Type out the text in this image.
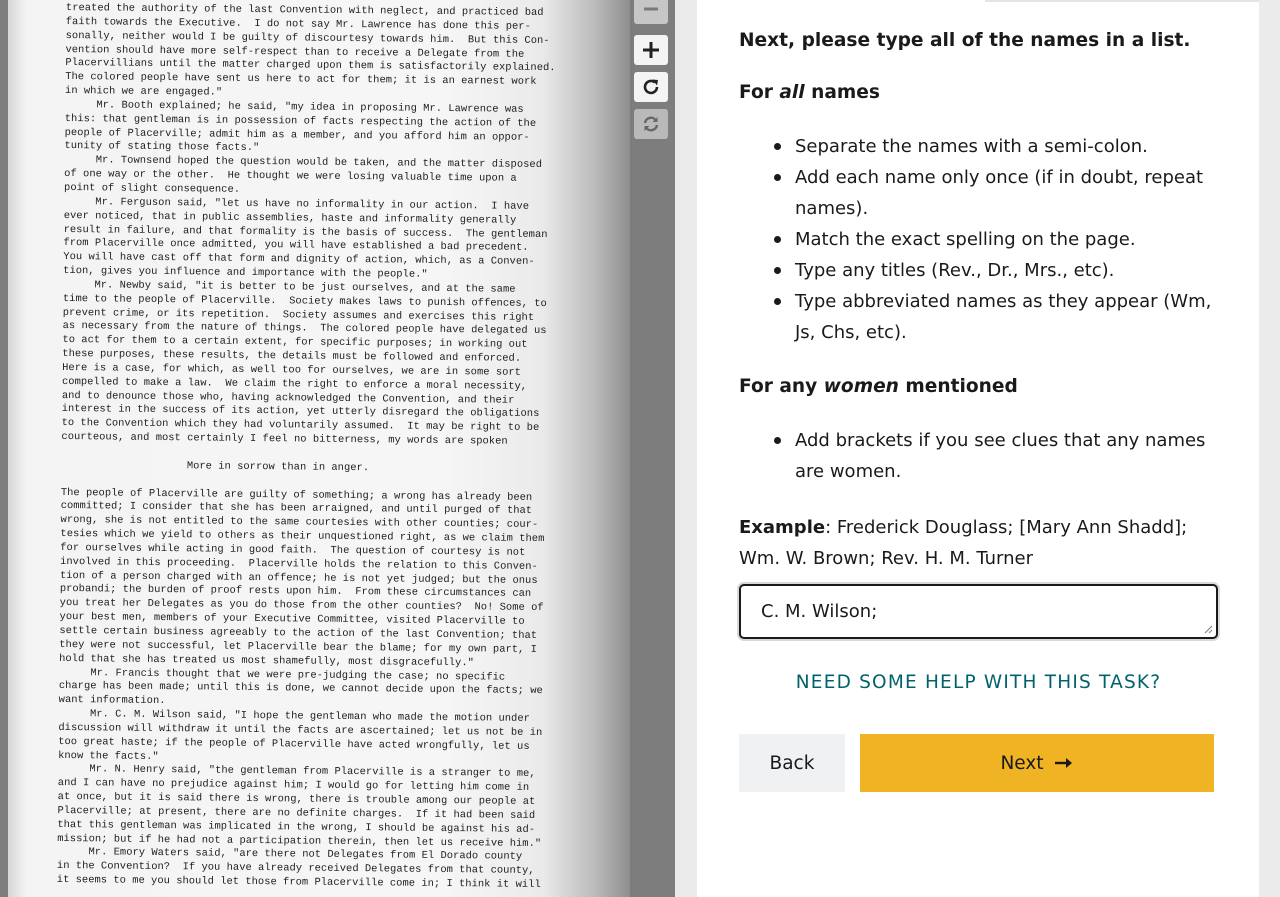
treated the authority of the last Convention with neglect, and practiced bad
faith towards the Executive.  I do not say Mr. Lawrence has done this per-
sonally, neither would I be guilty of discourtesy towards him.  But this Con-
vention should have more self-respect than to receive a Delegate from the
Placervillians until the matter charged upon them is satisfactorily explained.
The colored people have sent us here to act for them; it is an earnest work
in which we are engaged."
Mr. Booth explained; he said, "my idea in proposing Mr. Lawrence was
this: that gentleman is in possession of facts respecting the action of the
people of Placerville; admit him as a member, and you afford him an oppor-
tunity of stating those facts."
Mr. Townsend hoped the question would be taken, and the matter disposed
of one way or the other.  He thought we were losing valuable time upon a
point of slight consequence.
Mr. Ferguson said, "let us have no informality in our action.  I have
ever noticed, that in public assemblies, haste and informality generally
result in failure, and that formality is the basis of success.  The gentleman
from Placerville once admitted, you will have established a bad precedent.
You will have cast off that form and dignity of action, which, as a Conven-
tion, gives you influence and importance with the people."
Mr. Newby said, "it is better to be just ourselves, and at the same
time to the people of Placerville.  Society makes laws to punish offences, to
prevent crime, or its repetition.  Society assumes and exercises this right
as necessary from the nature of things.  The colored people have delegated us
to act for them to a certain extent, for specific purposes; in working out
these purposes, these results, the details must be followed and enforced.
Here is a case, for which, as well too for ourselves, we are in some sort
compelled to make a law.  We claim the right to enforce a moral necessity,
and to denounce those who, having acknowledged the Convention, and their
interest in the success of its action, yet utterly disregard the obligations
to the Convention which they had voluntarily assumed.  It may be right to be
courteous, and most certainly I feel no bitterness, my words are spoken
More in sorrow than in anger.
The people of Placerville are guilty of something; a wrong has already been
committed; I consider that she has been arraigned, and until purged of that
wrong, she is not entitled to the same courtesies with other counties; cour-
tesies which we yield to others as their unquestioned right, as we claim them
for ourselves while acting in good faith.  The question of courtesy is not
involved in this proceeding.  Placerville holds the relation to this Conven-
tion of a person charged with an offence; he is not yet judged; but the onus
probandi; the burden of proof rests upon him.  From these circumstances can
you treat her Delegates as you do those from the other counties?  No! Some of
your best men, members of your Executive Committee, visited Placerville to
settle certain business agreeably to the action of the last Convention; that
they were not successful, let Placerville bear the blame; for my own part, I
hold that she has treated us most shamefully, most disgracefully."
Mr. Francis thought that we were pre-judging the case; no specific
charge has been made; until this is done, we cannot decide upon the facts; we
want information.
Mr. C. M. Wilson said, "I hope the gentleman who made the motion under
discussion will withdraw it until the facts are ascertained; let us not be in
too great haste; if the people of Placerville have acted wrongfully, let us
know the facts."
Mr. N. Henry said, "the gentleman from Placerville is a stranger to me,
and I can have no prejudice against him; I would go for letting him come in
at once, but it is said there is wrong, there is trouble among our people at
Placerville; at present, there are no definite charges.  If it had been said
that this gentleman was implicated in the wrong, I should be against his ad-
mission; but if he had not a participation therein, then let us receive him."
Mr. Emory Waters said, "are there not Delegates from El Dorado county
in the Convention?  If you have already received Delegates from that county,
it seems to me you should let those from Placerville come in; I think it will
Next, please type all of the names in a list.
For all names
Separate the names with a semi-colon.
Add each name only once (if in doubt, repeat names).
Match the exact spelling on the page.
Type any titles (Rev., Dr., Mrs., etc).
Type abbreviated names as they appear (Wm, Js, Chs, etc).
For any women mentioned
Add brackets if you see clues that any names are women.
Example: Frederick Douglass; [Mary Ann Shadd]; Wm. W. Brown; Rev. H. M. Turner
C. M. Wilson;
NEED SOME HELP WITH THIS TASK?
Back	Next
